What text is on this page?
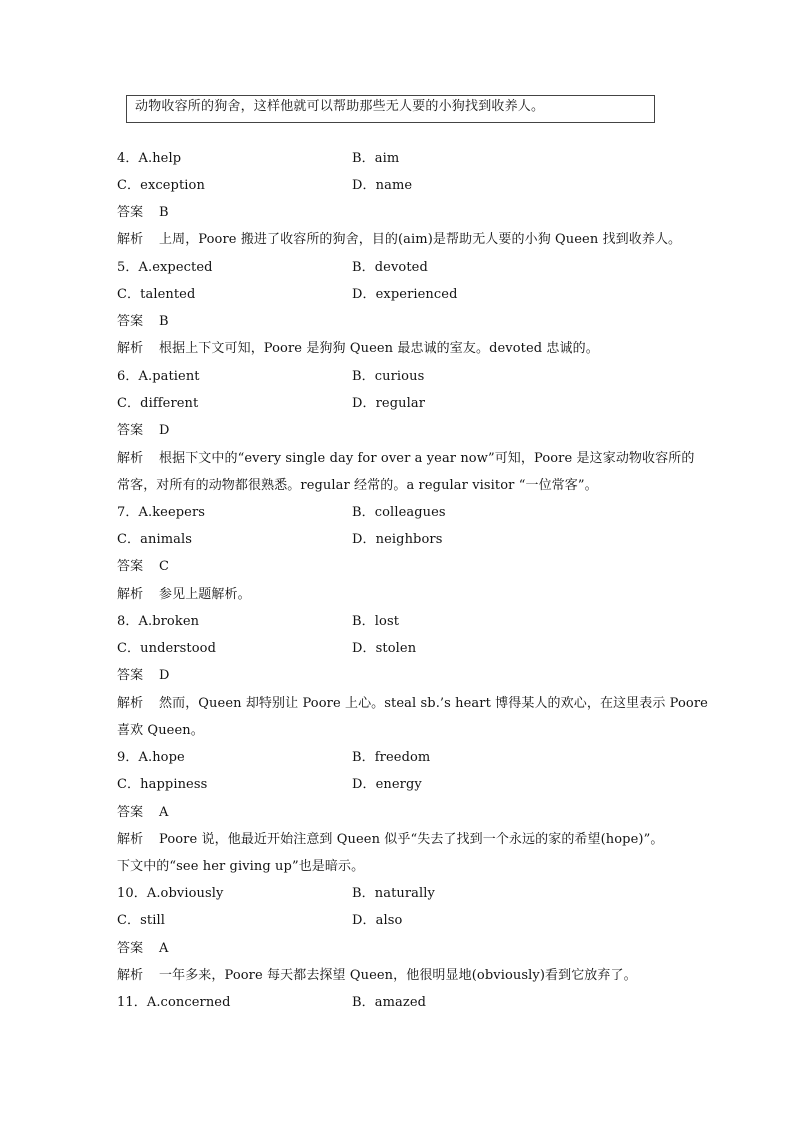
动物收容所的狗舍，这样他就可以帮助那些无人要的小狗找到收养人。
4．A.help	B．aim
C．exception	D．name
答案 B
解析 上周，Poore 搬进了收容所的狗舍，目的(aim)是帮助无人要的小狗 Queen 找到收养人。
5．A.expected	B．devoted
C．talented	D．experienced
答案 B
解析 根据上下文可知，Poore 是狗狗 Queen 最忠诚的室友。devoted 忠诚的。
6．A.patient	B．curious
C．different	D．regular
答案 D
解析 根据下文中的“every single day for over a year now”可知，Poore 是这家动物收容所的
常客，对所有的动物都很熟悉。regular 经常的。a regular visitor “一位常客”。
7．A.keepers	B．colleagues
C．animals	D．neighbors
答案 C
解析 参见上题解析。
8．A.broken	B．lost
C．understood	D．stolen
答案 D
解析 然而，Queen 却特别让 Poore 上心。steal sb.’s heart 博得某人的欢心，在这里表示 Poore
喜欢 Queen。
9．A.hope	B．freedom
C．happiness	D．energy
答案 A
解析 Poore 说，他最近开始注意到 Queen 似乎“失去了找到一个永远的家的希望(hope)”。
下文中的“see her giving up”也是暗示。
10．A.obviously	B．naturally
C．still	D．also
答案 A
解析 一年多来，Poore 每天都去探望 Queen，他很明显地(obviously)看到它放弃了。
11．A.concerned	B．amazed
